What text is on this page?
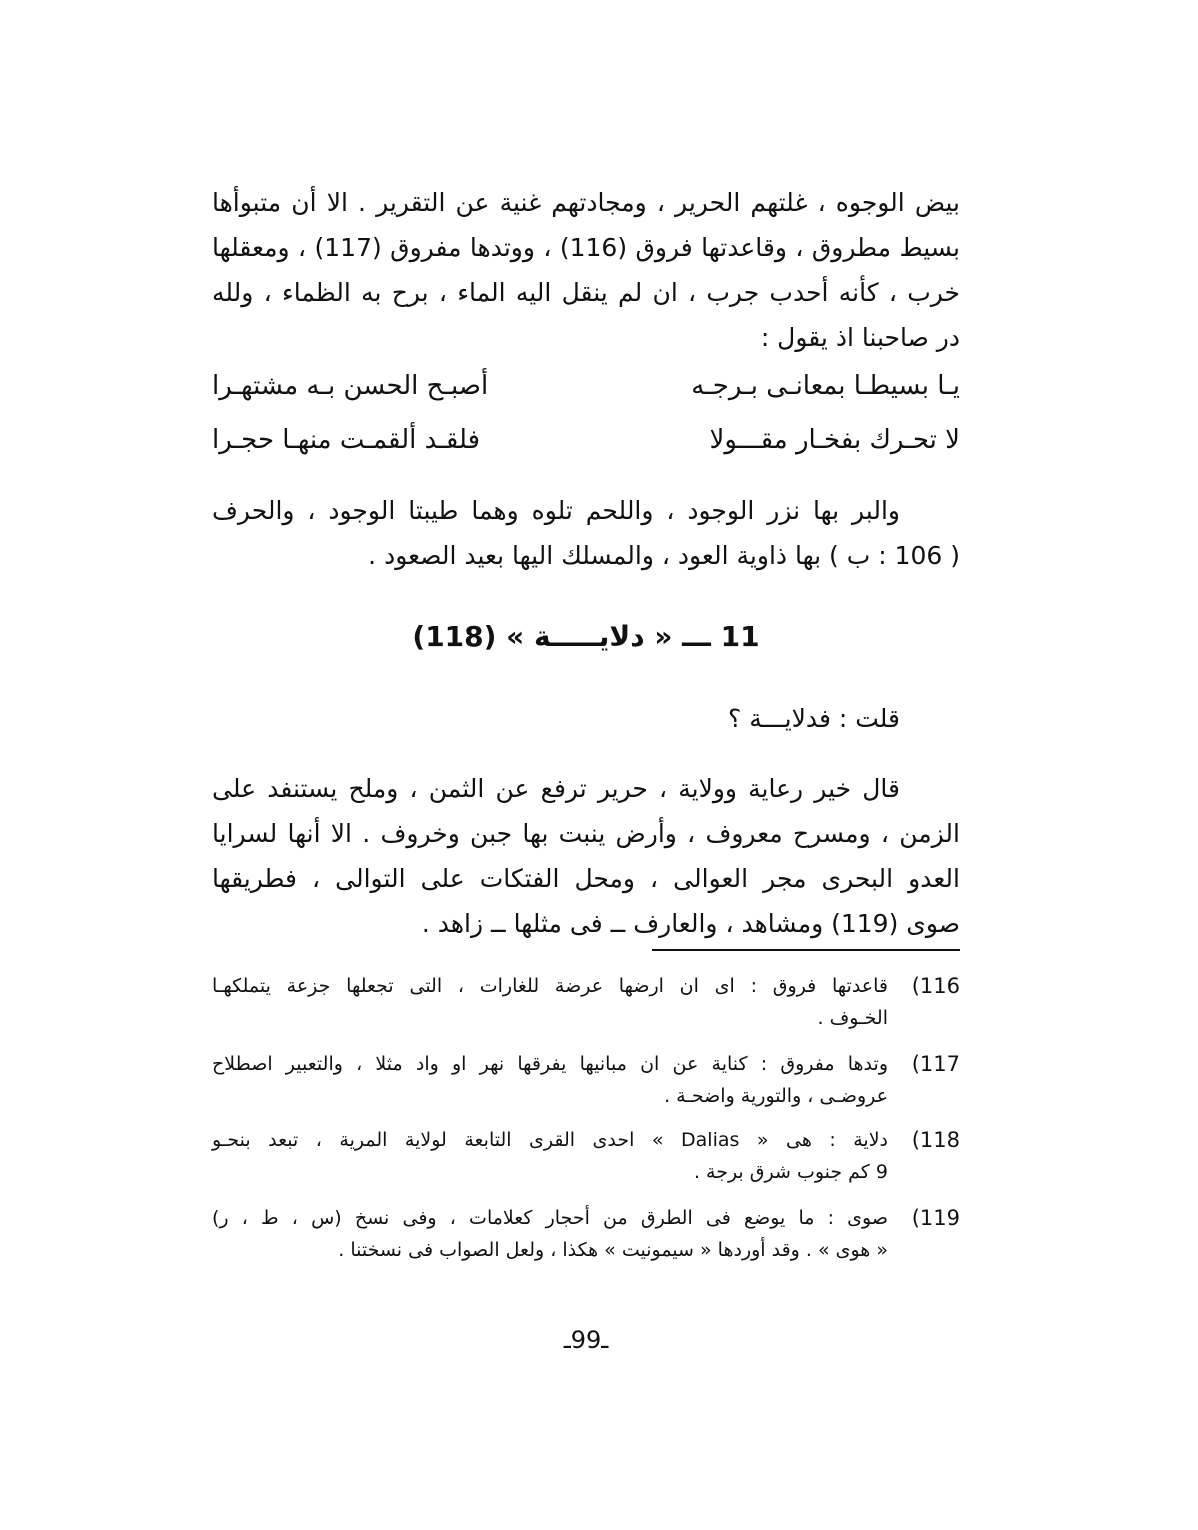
بيض الوجوه ، غلتهم الحرير ، ومجادتهم غنية عن التقرير . الا أن متبوأها
بسيط مطروق ، وقاعدتها فروق (116) ، ووتدها مفروق (117) ، ومعقلها
خرب ، كأنه أحدب جرب ، ان لم ينقل اليه الماء ، برح به الظماء ، ولله
در صاحبنا اذ يقول :
يـا بسيطـا بمعانـى بـرجـه
أصبـح الحسن بـه مشتهـرا
لا تحـرك بفخـار مقـــولا
فلقـد ألقمـت منهـا حجـرا
والبر بها نزر الوجود ، واللحم تلوه وهما طيبتا الوجود ، والحرف
( 106 : ب ) بها ذاوية العود ، والمسلك اليها بعيد الصعود .
11 ـــ « دلايـــــة » (118)
قلت : فدلايـــة ؟
قال خير رعاية وولاية ، حرير ترفع عن الثمن ، وملح يستنفد على
الزمن ، ومسرح معروف ، وأرض ينبت بها جبن وخروف . الا أنها لسرايا
العدو البحرى مجر العوالى ، ومحل الفتكات على التوالى ، فطريقها
صوى (119) ومشاهد ، والعارف ــ فى مثلها ــ زاهد .
116)
قاعدتها فروق : اى ان ارضها عرضة للغارات ، التى تجعلها جزعة يتملكهـا
الخـوف .
117)
وتدها مفروق : كناية عن ان مبانيها يفرقها نهر او واد مثلا ، والتعبير اصطلاح
عروضـى ، والتورية واضحـة .
118)
دلاية : هى « Dalias » احدى القرى التابعة لولاية المرية ، تبعد بنحـو
9 كم جنوب شرق برجة .
119)
صوى : ما يوضع فى الطرق من أحجار كعلامات ، وفى نسخ (س ، ط ، ر)
« هوى » . وقد أوردها « سيمونيت » هكذا ، ولعل الصواب فى نسختنا .
ـ99ـ
